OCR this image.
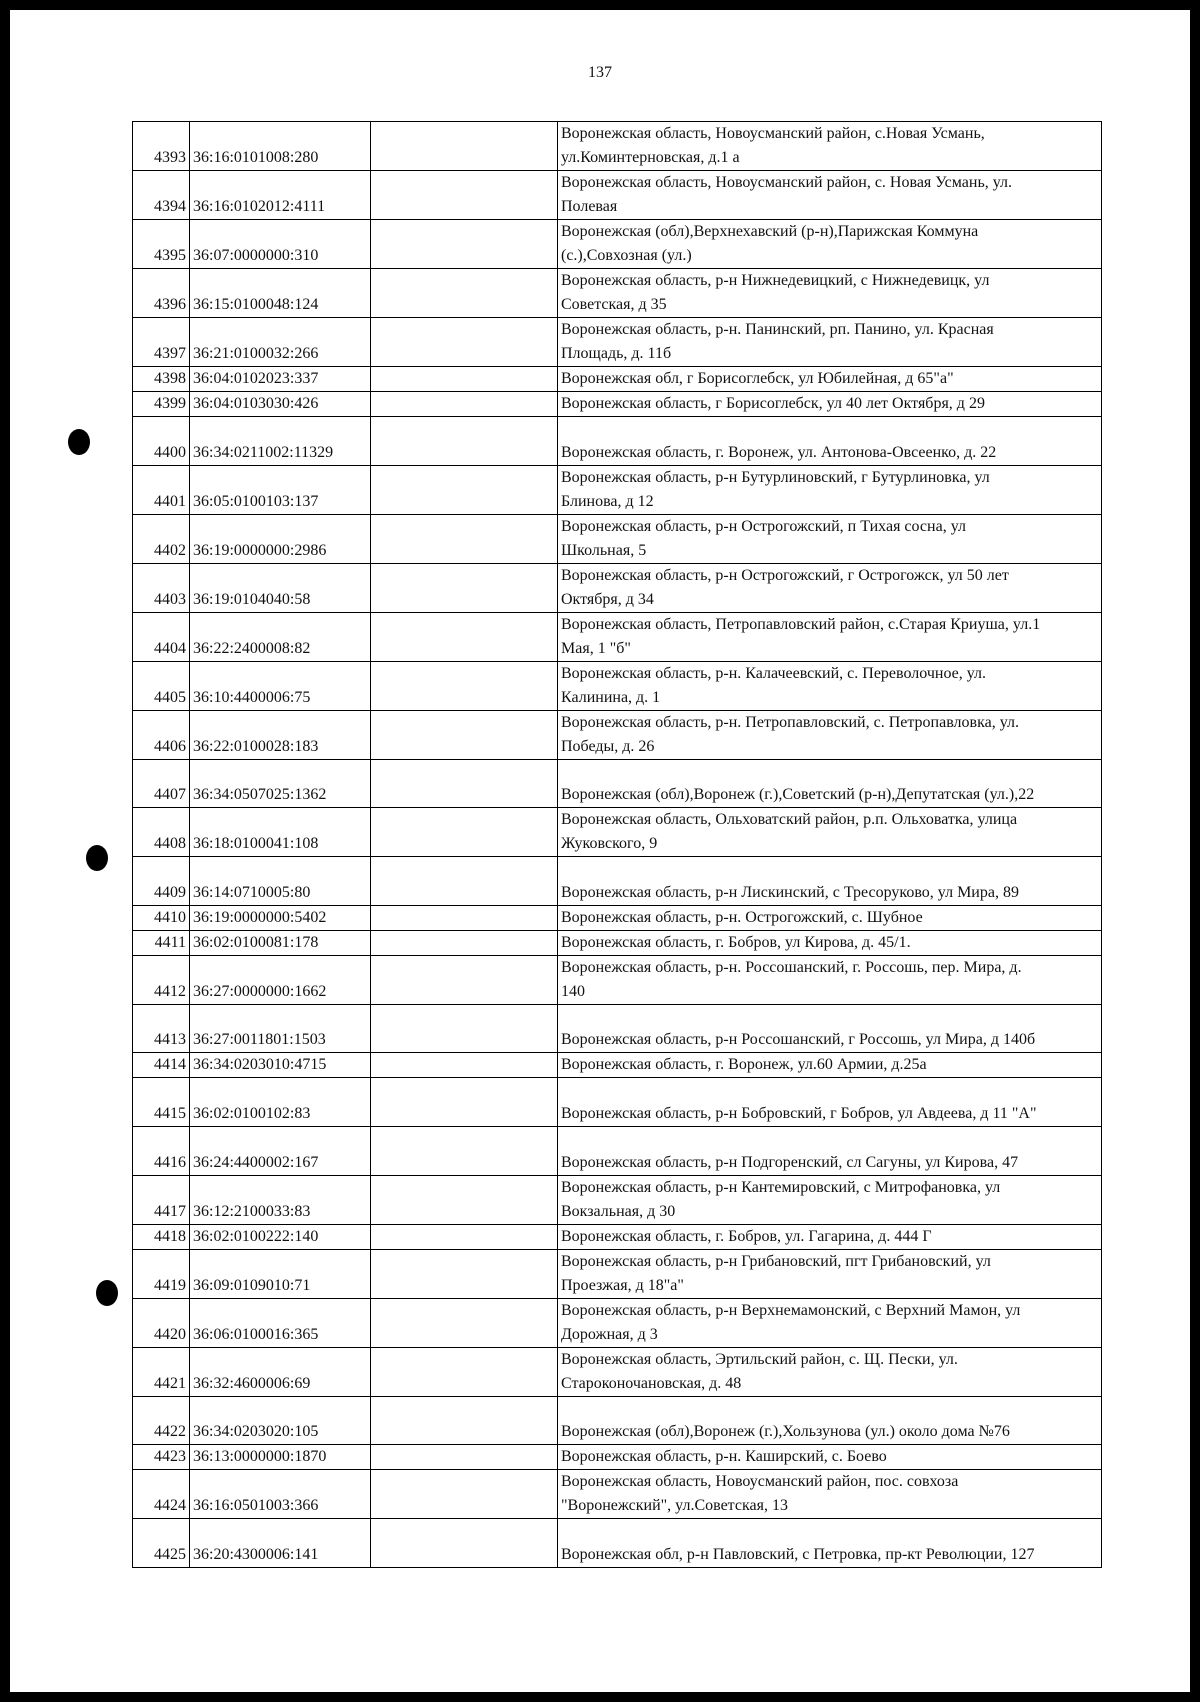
137
4393	36:16:0101008:280		Воронежская область, Новоусманский район, с.Новая Усмань,
ул.Коминтерновская, д.1 а
4394	36:16:0102012:4111		Воронежская область, Новоусманский район, с. Новая Усмань, ул.
Полевая
4395	36:07:0000000:310		Воронежская (обл),Верхнехавский (р-н),Парижская Коммуна
(с.),Совхозная (ул.)
4396	36:15:0100048:124		Воронежская область, р-н Нижнедевицкий, с Нижнедевицк, ул
Советская, д 35
4397	36:21:0100032:266		Воронежская область, р-н. Панинский, рп. Панино, ул. Красная
Площадь, д. 11б
4398	36:04:0102023:337		Воронежская обл, г Борисоглебск, ул Юбилейная, д 65"а"
4399	36:04:0103030:426		Воронежская область, г Борисоглебск, ул 40 лет Октября, д 29
4400	36:34:0211002:11329		Воронежская область, г. Воронеж, ул. Антонова-Овсеенко, д. 22
4401	36:05:0100103:137		Воронежская область, р-н Бутурлиновский, г Бутурлиновка, ул
Блинова, д 12
4402	36:19:0000000:2986		Воронежская область, р-н Острогожский, п Тихая сосна, ул
Школьная, 5
4403	36:19:0104040:58		Воронежская область, р-н Острогожский, г Острогожск, ул 50 лет
Октября, д 34
4404	36:22:2400008:82		Воронежская область, Петропавловский район, с.Старая Криуша, ул.1
Мая, 1 "б"
4405	36:10:4400006:75		Воронежская область, р-н. Калачеевский, с. Переволочное, ул.
Калинина, д. 1
4406	36:22:0100028:183		Воронежская область, р-н. Петропавловский, с. Петропавловка, ул.
Победы, д. 26
4407	36:34:0507025:1362		Воронежская (обл),Воронеж (г.),Советский (р-н),Депутатская (ул.),22
4408	36:18:0100041:108		Воронежская область, Ольховатский район, р.п. Ольховатка, улица
Жуковского, 9
4409	36:14:0710005:80		Воронежская область, р-н Лискинский, с Тресоруково, ул Мира, 89
4410	36:19:0000000:5402		Воронежская область, р-н. Острогожский, с. Шубное
4411	36:02:0100081:178		Воронежская область, г. Бобров, ул Кирова, д. 45/1.
4412	36:27:0000000:1662		Воронежская область, р-н. Россошанский, г. Россошь, пер. Мира, д.
140
4413	36:27:0011801:1503		Воронежская область, р-н Россошанский, г Россошь, ул Мира, д 140б
4414	36:34:0203010:4715		Воронежская область, г. Воронеж, ул.60 Армии, д.25а
4415	36:02:0100102:83		Воронежская область, р-н Бобровский, г Бобров, ул Авдеева, д 11 "А"
4416	36:24:4400002:167		Воронежская область, р-н Подгоренский, сл Сагуны, ул Кирова, 47
4417	36:12:2100033:83		Воронежская область, р-н Кантемировский, с Митрофановка, ул
Вокзальная, д 30
4418	36:02:0100222:140		Воронежская область, г. Бобров, ул. Гагарина, д. 444 Г
4419	36:09:0109010:71		Воронежская область, р-н Грибановский, пгт Грибановский, ул
Проезжая, д 18"а"
4420	36:06:0100016:365		Воронежская область, р-н Верхнемамонский, с Верхний Мамон, ул
Дорожная, д 3
4421	36:32:4600006:69		Воронежская область, Эртильский район, с. Щ. Пески, ул.
Староконочановская, д. 48
4422	36:34:0203020:105		Воронежская (обл),Воронеж (г.),Хользунова (ул.) около дома №76
4423	36:13:0000000:1870		Воронежская область, р-н. Каширский, с. Боево
4424	36:16:0501003:366		Воронежская область, Новоусманский район, пос. совхоза
"Воронежский", ул.Советская, 13
4425	36:20:4300006:141		Воронежская обл, р-н Павловский, с Петровка, пр-кт Революции, 127
